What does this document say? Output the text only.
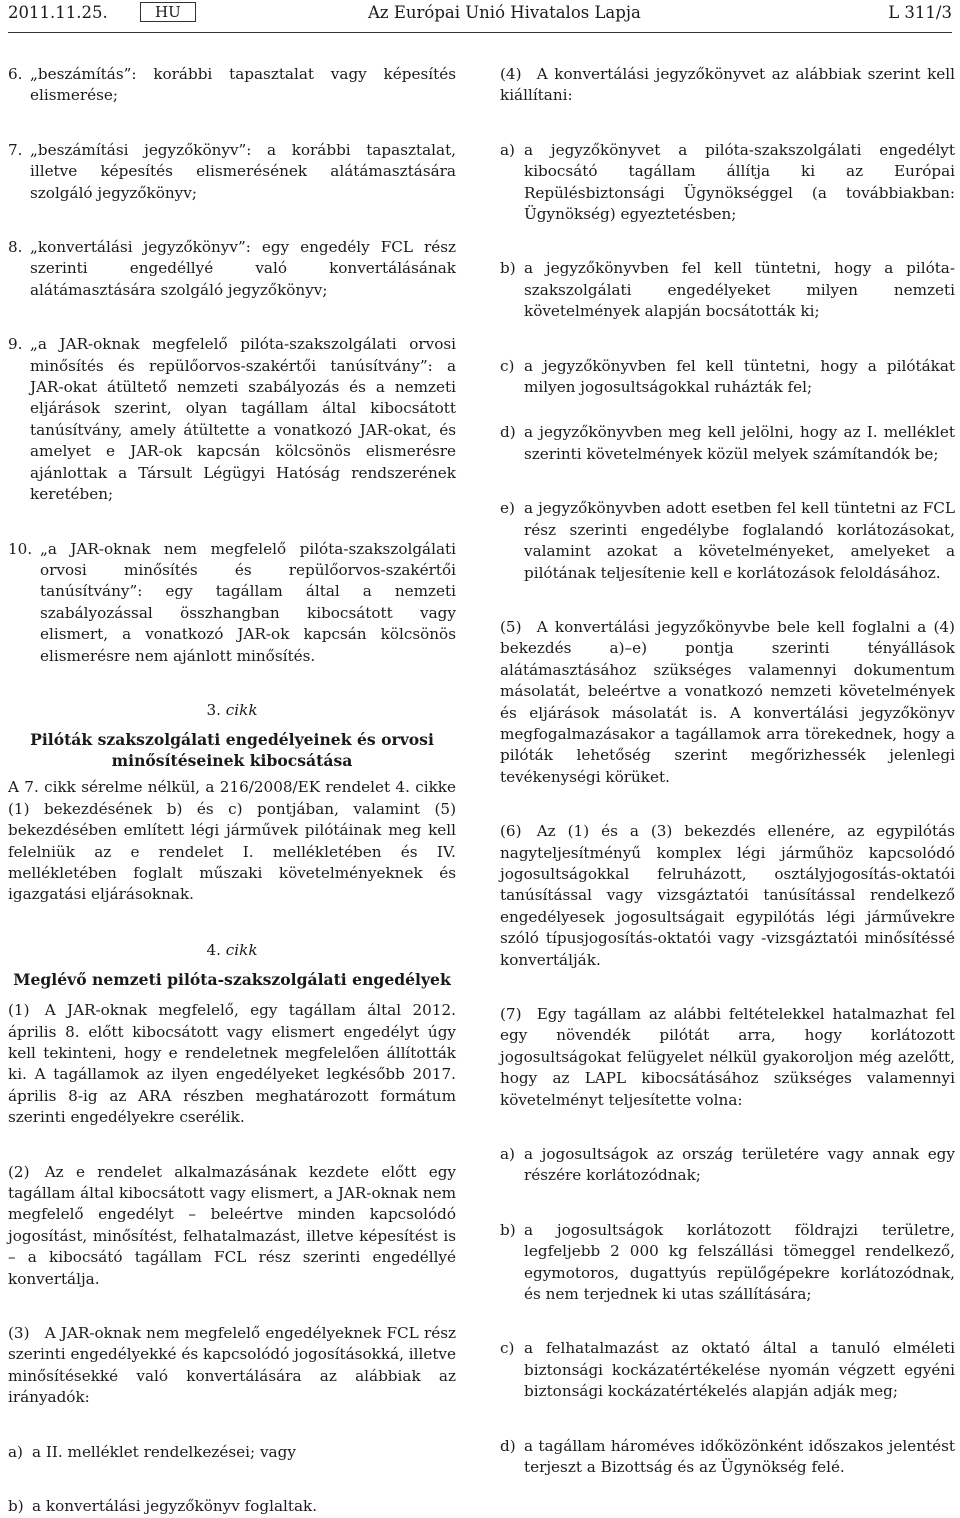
2011.11.25.	HU	Az Európai Unió Hivatalos Lapja	L 311/3
6. „beszámítás”: korábbi tapasztalat vagy képesítés elismerése;
7. „beszámítási jegyzőkönyv”: a korábbi tapasztalat, illetve képesítés elismerésének alátámasztására szolgáló jegyzőkönyv;
8. „konvertálási jegyzőkönyv”: egy engedély FCL rész szerinti engedéllyé való konvertálásának alátámasztására szolgáló jegyzőkönyv;
9. „a JAR-oknak megfelelő pilóta-szakszolgálati orvosi minősítés és repülőorvos-szakértői tanúsítvány”: a JAR-okat átültető nemzeti szabályozás és a nemzeti eljárások szerint, olyan tagállam által kibocsátott tanúsítvány, amely átültette a vonatkozó JAR-okat, és amelyet e JAR-ok kapcsán kölcsönös elismerésre ajánlottak a Társult Légügyi Hatóság rendszerének keretében;
10. „a JAR-oknak nem megfelelő pilóta-szakszolgálati orvosi minősítés és repülőorvos-szakértői tanúsítvány”: egy tagállam által a nemzeti szabályozással összhangban kibocsátott vagy elismert, a vonatkozó JAR-ok kapcsán kölcsönös elismerésre nem ajánlott minősítés.

3. cikk

Pilóták szakszolgálati engedélyeinek és orvosi minősítéseinek kibocsátása

A 7. cikk sérelme nélkül, a 216/2008/EK rendelet 4. cikke (1) bekezdésének b) és c) pontjában, valamint (5) bekezdésében említett légi járművek pilótáinak meg kell felelniük az e rendelet I. mellékletében és IV. mellékletében foglalt műszaki követelményeknek és igazgatási eljárásoknak.

4. cikk

Meglévő nemzeti pilóta-szakszolgálati engedélyek

(1) A JAR-oknak megfelelő, egy tagállam által 2012. április 8. előtt kibocsátott vagy elismert engedélyt úgy kell tekinteni, hogy e rendeletnek megfelelően állították ki. A tagállamok az ilyen engedélyeket legkésőbb 2017. április 8-ig az ARA részben meghatározott formátum szerinti engedélyekre cserélik.

(2) Az e rendelet alkalmazásának kezdete előtt egy tagállam által kibocsátott vagy elismert, a JAR-oknak nem megfelelő engedélyt – beleértve minden kapcsolódó jogosítást, minősítést, felhatalmazást, illetve képesítést is – a kibocsátó tagállam FCL rész szerinti engedéllyé konvertálja.

(3) A JAR-oknak nem megfelelő engedélyeknek FCL rész szerinti engedélyekké és kapcsolódó jogosításokká, illetve minősítésekké való konvertálására az alábbiak az irányadók:

a) a II. melléklet rendelkezései; vagy
b) a konvertálási jegyzőkönyv foglaltak.

(4) A konvertálási jegyzőkönyvet az alábbiak szerint kell kiállítani:

a) a jegyzőkönyvet a pilóta-szakszolgálati engedélyt kibocsátó tagállam állítja ki az Európai Repülésbiztonsági Ügynökséggel (a továbbiakban: Ügynökség) egyeztetésben;
b) a jegyzőkönyvben fel kell tüntetni, hogy a pilóta-szakszolgálati engedélyeket milyen nemzeti követelmények alapján bocsátották ki;
c) a jegyzőkönyvben fel kell tüntetni, hogy a pilótákat milyen jogosultságokkal ruházták fel;
d) a jegyzőkönyvben meg kell jelölni, hogy az I. melléklet szerinti követelmények közül melyek számítandók be;
e) a jegyzőkönyvben adott esetben fel kell tüntetni az FCL rész szerinti engedélybe foglalandó korlátozásokat, valamint azokat a követelményeket, amelyeket a pilótának teljesítenie kell e korlátozások feloldásához.

(5) A konvertálási jegyzőkönyvbe bele kell foglalni a (4) bekezdés a)–e) pontja szerinti tényállások alátámasztásához szükséges valamennyi dokumentum másolatát, beleértve a vonatkozó nemzeti követelmények és eljárások másolatát is. A konvertálási jegyzőkönyv megfogalmazásakor a tagállamok arra törekednek, hogy a pilóták lehetőség szerint megőrizhessék jelenlegi tevékenységi körüket.

(6) Az (1) és a (3) bekezdés ellenére, az egypilótás nagyteljesítményű komplex légi járműhöz kapcsolódó jogosultságokkal felruházott, osztályjogosítás-oktatói tanúsítással vagy vizsgáztatói tanúsítással rendelkező engedélyesek jogosultságait egypilótás légi járművekre szóló típusjogosítás-oktatói vagy -vizsgáztatói minősítéssé konvertálják.

(7) Egy tagállam az alábbi feltételekkel hatalmazhat fel egy növendék pilótát arra, hogy korlátozott jogosultságokat felügyelet nélkül gyakoroljon még azelőtt, hogy az LAPL kibocsátásához szükséges valamennyi követelményt teljesítette volna:

a) a jogosultságok az ország területére vagy annak egy részére korlátozódnak;
b) a jogosultságok korlátozott földrajzi területre, legfeljebb 2 000 kg felszállási tömeggel rendelkező, egymotoros, dugattyús repülőgépekre korlátozódnak, és nem terjednek ki utas szállítására;
c) a felhatalmazást az oktató által a tanuló elméleti biztonsági kockázatértékelése nyomán végzett egyéni biztonsági kockázatértékelés alapján adják meg;
d) a tagállam hároméves időközönként időszakos jelentést terjeszt a Bizottság és az Ügynökség felé.
